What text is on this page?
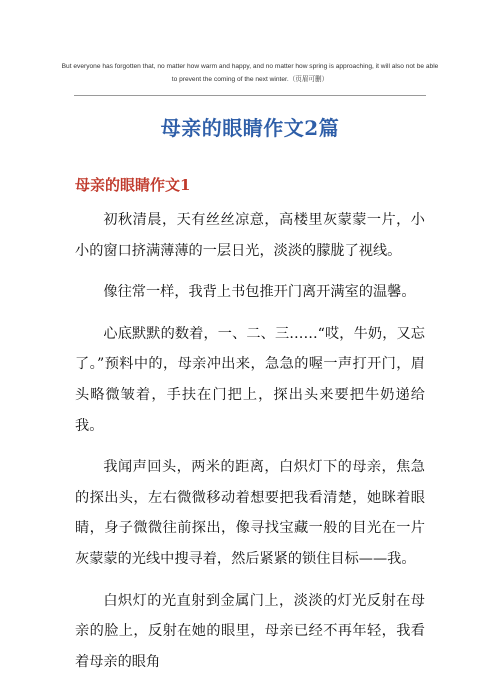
But everyone has forgotten that, no matter how warm and happy, and no matter how spring is approaching, it will also not be able to prevent the coming of the next winter.（页眉可删）
母亲的眼睛作文2篇
母亲的眼睛作文1

初秋清晨，天有丝丝凉意，高楼里灰蒙蒙一片，小小的窗口挤满薄薄的一层日光，淡淡的朦胧了视线。

像往常一样，我背上书包推开门离开满室的温馨。

心底默默的数着，一、二、三……“哎，牛奶，又忘了。”预料中的，母亲冲出来，急急的喔一声打开门，眉头略微皱着，手扶在门把上，探出头来要把牛奶递给我。

我闻声回头，两米的距离，白炽灯下的母亲，焦急的探出头，左右微微移动着想要把我看清楚，她眯着眼睛，身子微微往前探出，像寻找宝藏一般的目光在一片灰蒙蒙的光线中搜寻着，然后紧紧的锁住目标——我。

白炽灯的光直射到金属门上，淡淡的灯光反射在母亲的脸上，反射在她的眼里，母亲已经不再年轻，我看着母亲的眼角
